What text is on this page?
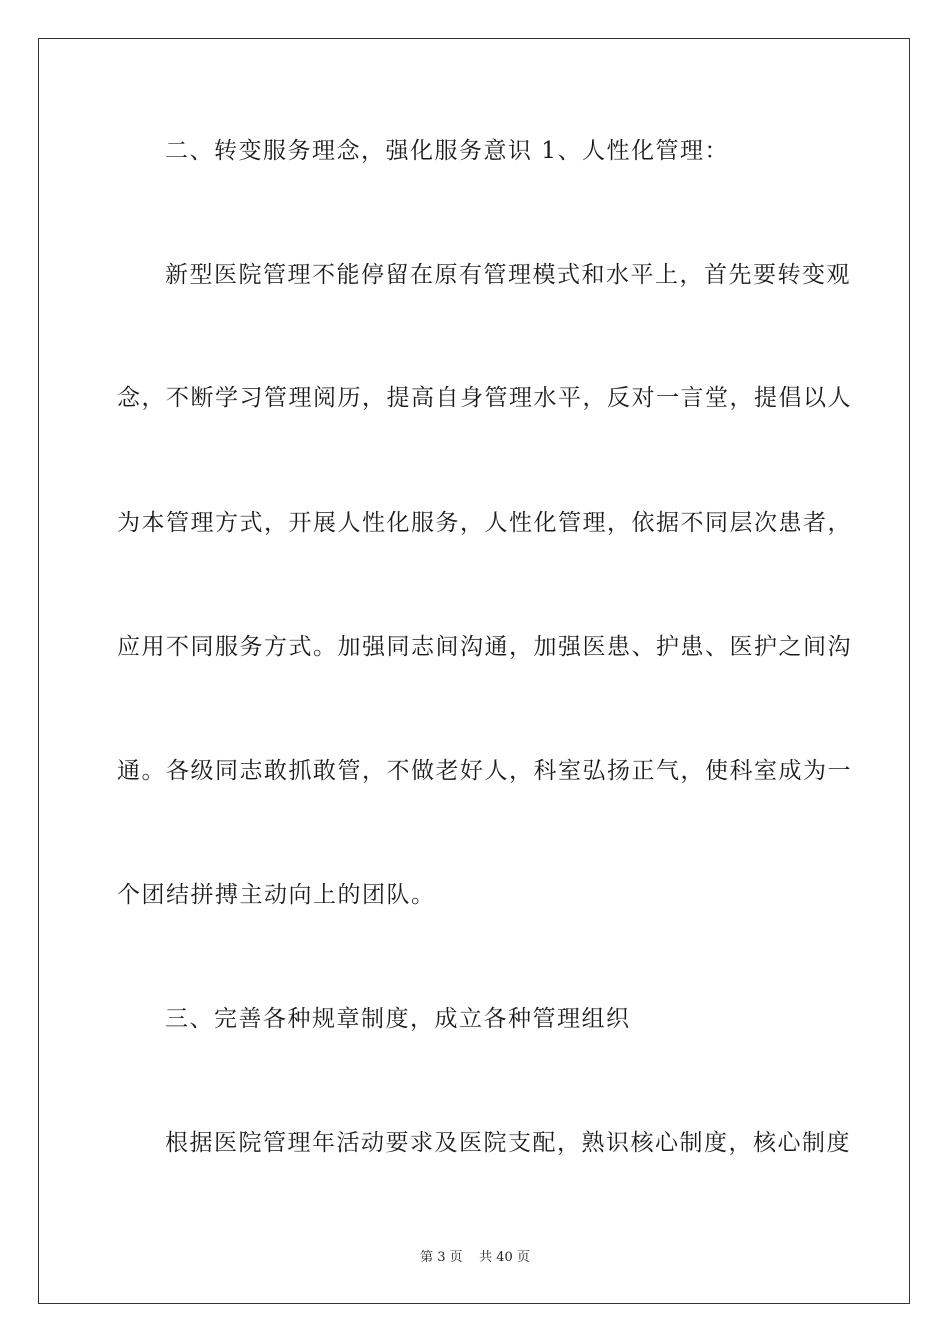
二、转变服务理念，强化服务意识 1、人性化管理：
新型医院管理不能停留在原有管理模式和水平上，首先要转变观
念，不断学习管理阅历，提高自身管理水平，反对一言堂，提倡以人
为本管理方式，开展人性化服务，人性化管理，依据不同层次患者，
应用不同服务方式。加强同志间沟通，加强医患、护患、医护之间沟
通。各级同志敢抓敢管，不做老好人，科室弘扬正气，使科室成为一
个团结拼搏主动向上的团队。
三、完善各种规章制度，成立各种管理组织
根据医院管理年活动要求及医院支配，熟识核心制度，核心制度
第 3 页    共 40 页
